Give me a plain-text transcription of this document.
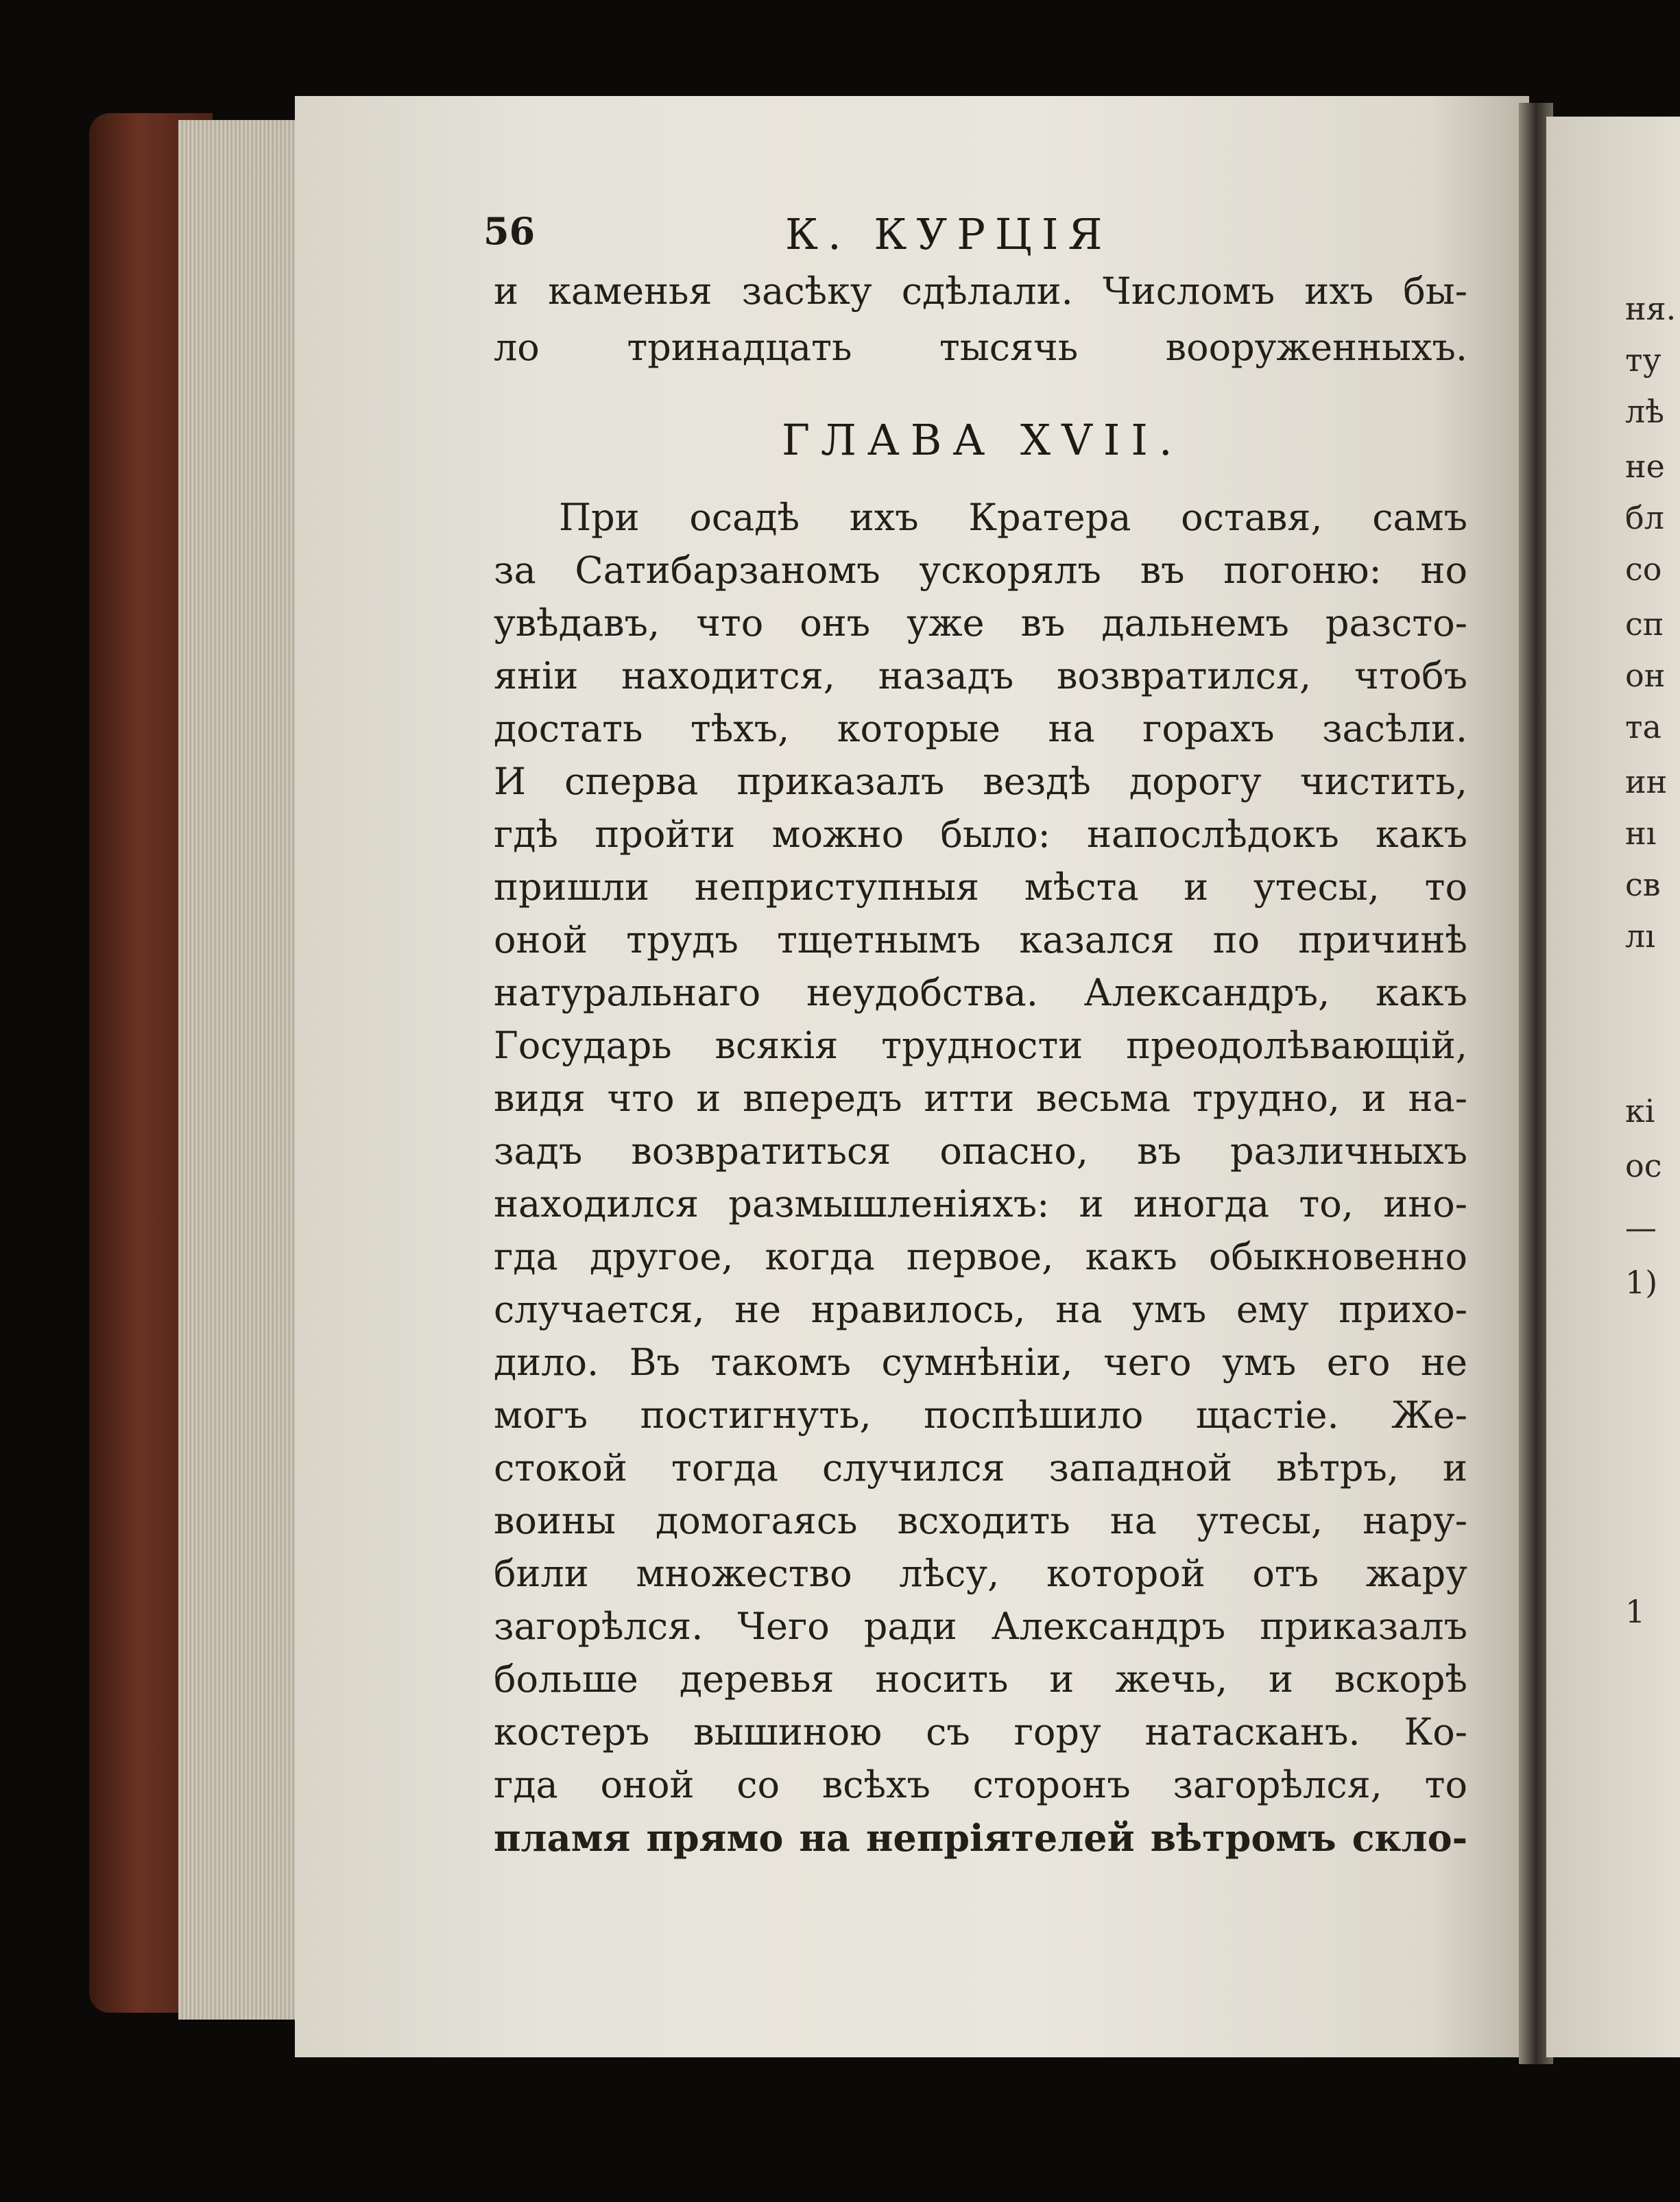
56	К. КУРЦІЯ
и каменья засѣку сдѣлали. Числомъ ихъ бы-
ло тринадцать тысячь вооруженныхъ.
ГЛАВА XVII.
При осадѣ ихъ Кратера оставя, самъ
за Сатибарзаномъ ускорялъ въ погоню: но
увѣдавъ, что онъ уже въ дальнемъ разсто-
яніи находится, назадъ возвратился, чтобъ
достать тѣхъ, которые на горахъ засѣли.
И сперва приказалъ вездѣ дорогу чистить,
гдѣ пройти можно было: напослѣдокъ какъ
пришли неприступныя мѣста и утесы, то
оной трудъ тщетнымъ казался по причинѣ
натуральнаго неудобства. Александръ, какъ
Государь всякія трудности преодолѣвающій,
видя что и впередъ итти весьма трудно, и на-
задъ возвратиться опасно, въ различныхъ
находился размышленіяхъ: и иногда то, ино-
гда другое, когда первое, какъ обыкновенно
случается, не нравилось, на умъ ему прихо-
дило. Въ такомъ сумнѣніи, чего умъ его не
могъ постигнуть, поспѣшило щастіе. Же-
стокой тогда случился западной вѣтръ, и
воины домогаясь всходить на утесы, нару-
били множество лѣсу, которой отъ жару
загорѣлся. Чего ради Александръ приказалъ
больше деревья носить и жечь, и вскорѣ
костеръ вышиною съ гору натасканъ. Ко-
гда оной со всѣхъ сторонъ загорѣлся, то
пламя прямо на непріятелей вѣтромъ скло-
ня.
ту
лѣ
не
бл
со
сп
он
та
ин
нı
св
лı
кі
ос
—
1)
1
